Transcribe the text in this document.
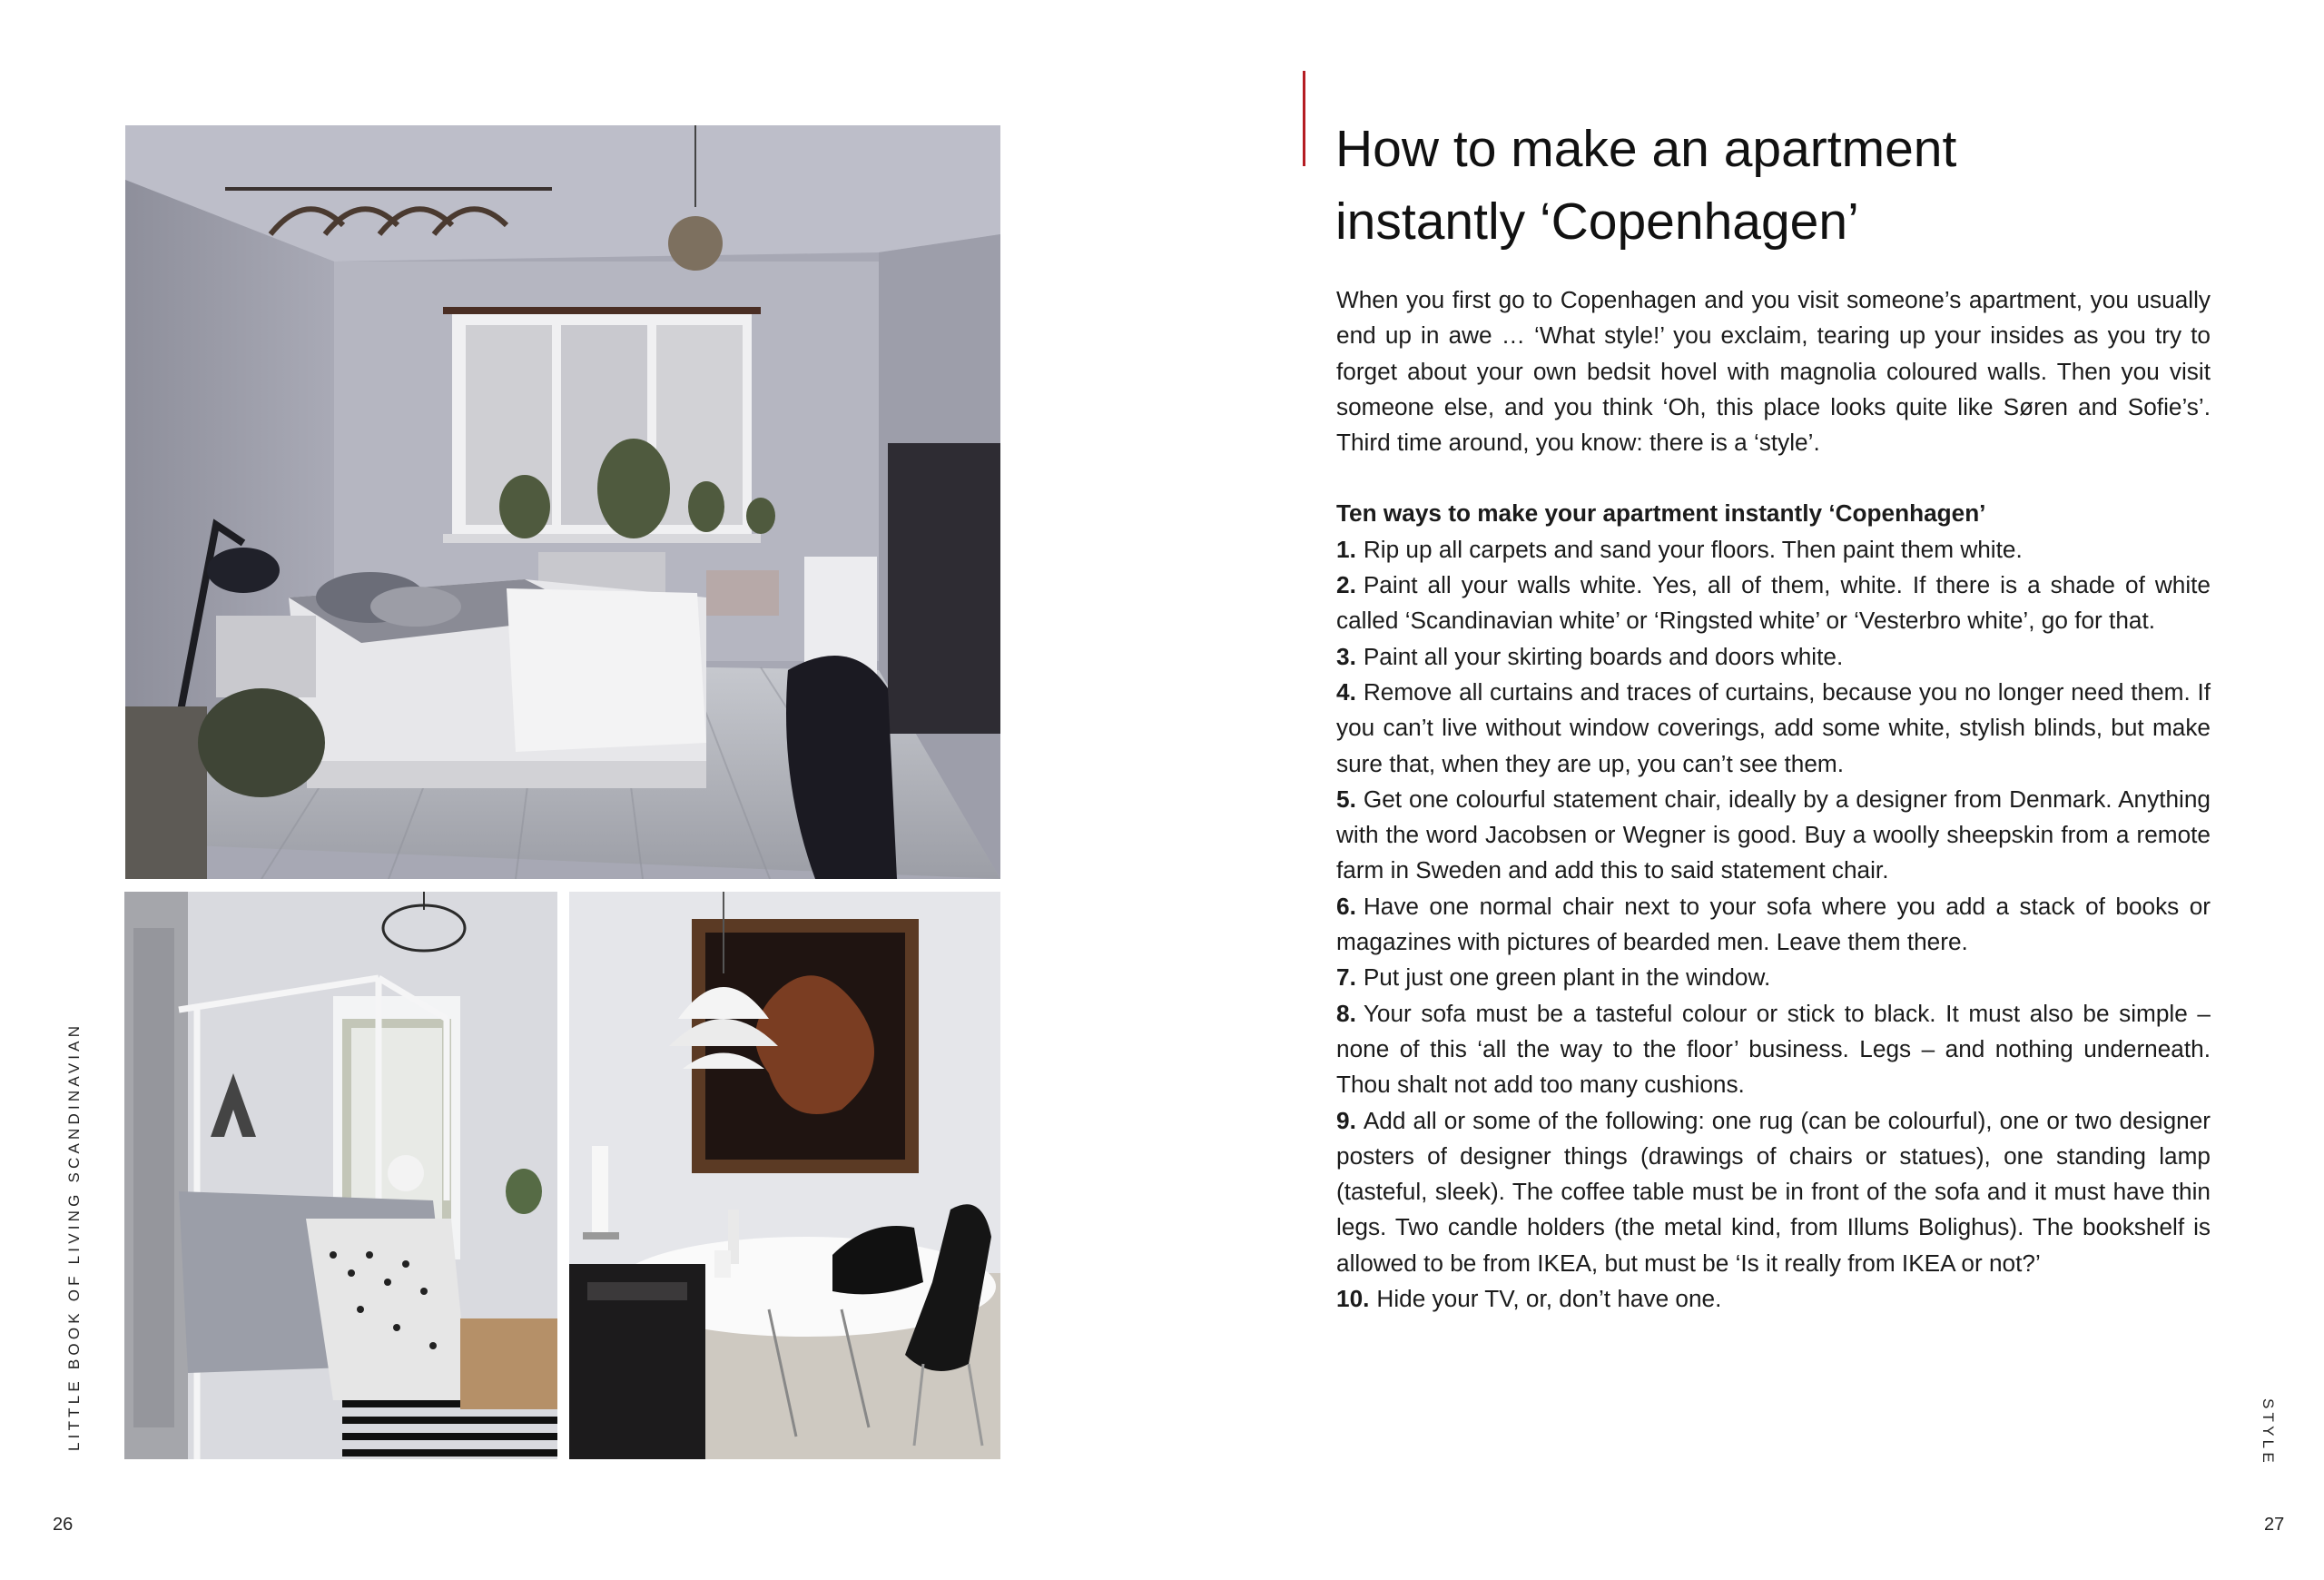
LITTLE BOOK OF LIVING SCANDINAVIAN
26
How to make an apartment
instantly ‘Copenhagen’

When you first go to Copenhagen and you visit someone’s apartment, you usually end up in awe … ‘What style!’ you exclaim, tearing up your insides as you try to forget about your own bedsit hovel with magnolia coloured walls. Then you visit someone else, and you think ‘Oh, this place looks quite like Søren and Sofie’s’. Third time around, you know: there is a ‘style’.

Ten ways to make your apartment instantly ‘Copenhagen’

1. Rip up all carpets and sand your floors. Then paint them white.

2. Paint all your walls white. Yes, all of them, white. If there is a shade of white called ‘Scandinavian white’ or ‘Ringsted white’ or ‘Vesterbro white’, go for that.

3. Paint all your skirting boards and doors white.

4. Remove all curtains and traces of curtains, because you no longer need them. If you can’t live without window coverings, add some white, stylish blinds, but make sure that, when they are up, you can’t see them.

5. Get one colourful statement chair, ideally by a designer from Denmark. Anything with the word Jacobsen or Wegner is good. Buy a woolly sheepskin from a remote farm in Sweden and add this to said statement chair.

6. Have one normal chair next to your sofa where you add a stack of books or magazines with pictures of bearded men. Leave them there.

7. Put just one green plant in the window.

8. Your sofa must be a tasteful colour or stick to black. It must also be simple – none of this ‘all the way to the floor’ business. Legs – and nothing underneath. Thou shalt not add too many cushions.

9. Add all or some of the following: one rug (can be colourful), one or two designer posters of designer things (drawings of chairs or statues), one standing lamp (tasteful, sleek). The coffee table must be in front of the sofa and it must have thin legs. Two candle holders (the metal kind, from Illums Bolighus). The bookshelf is allowed to be from IKEA, but must be ‘Is it really from IKEA or not?’

10. Hide your TV, or, don’t have one.

STYLE
27
